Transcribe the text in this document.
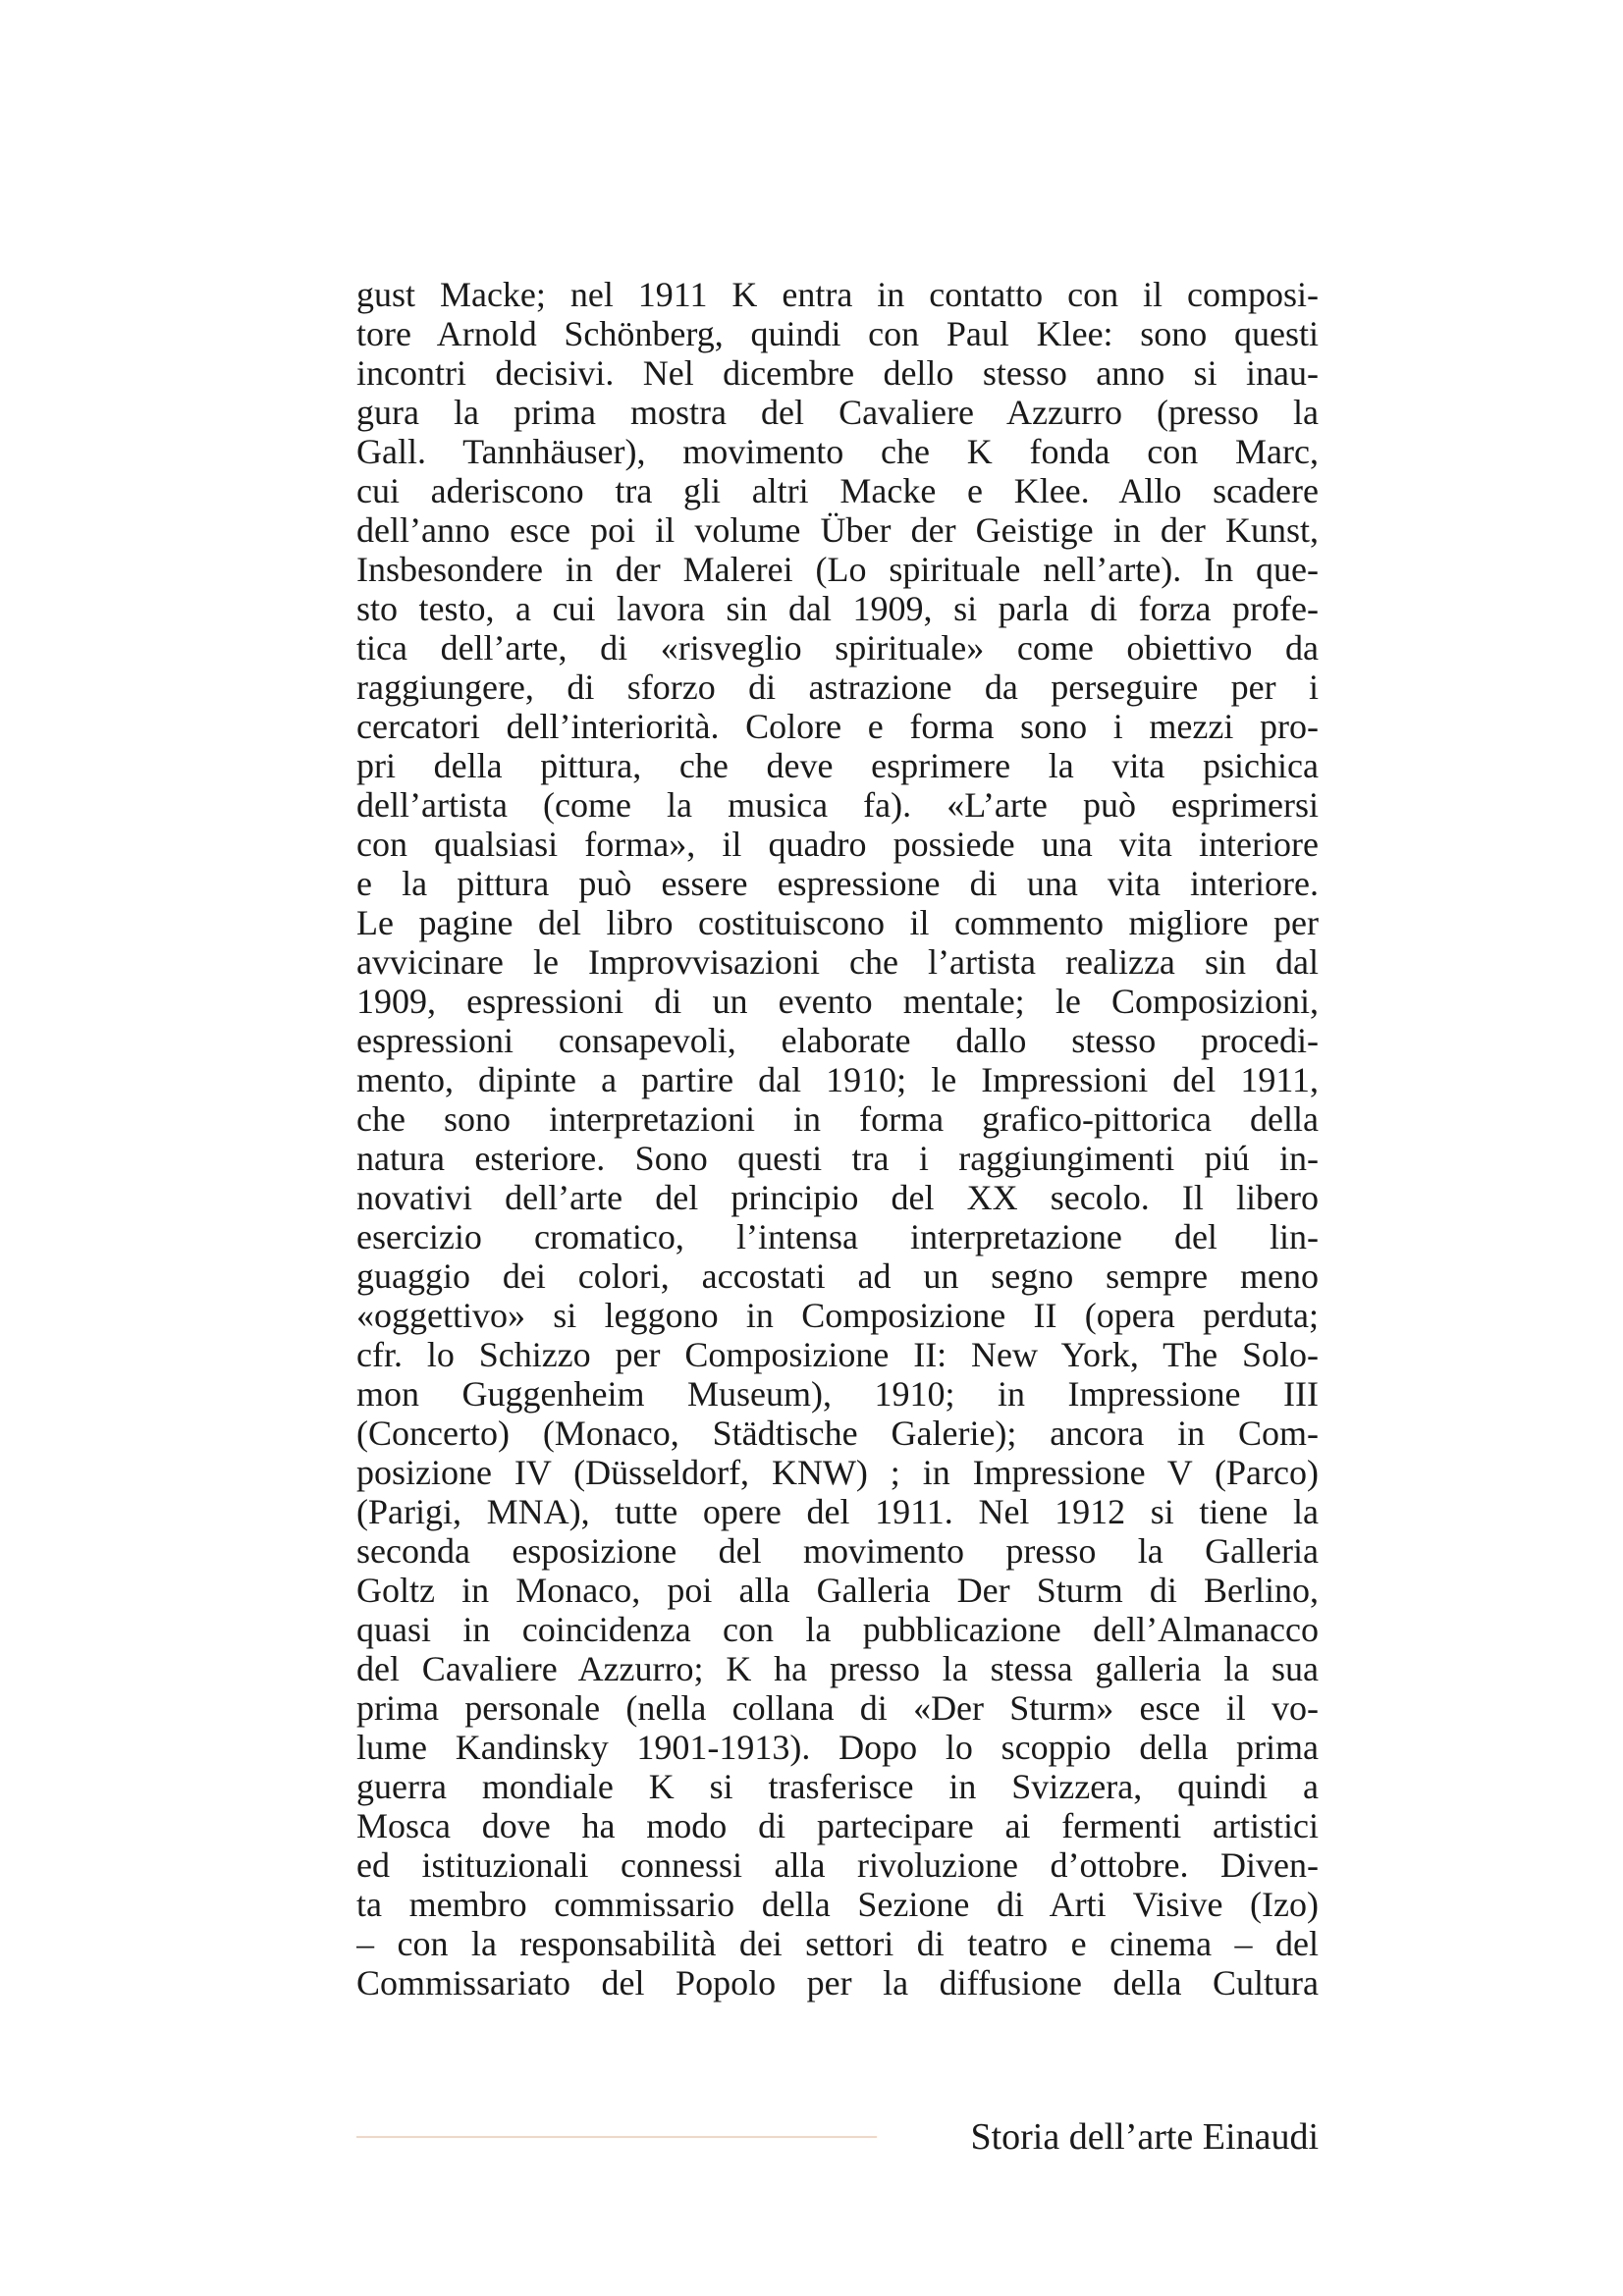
gust Macke; nel 1911 K entra in contatto con il composi-
tore Arnold Schönberg, quindi con Paul Klee: sono questi
incontri decisivi. Nel dicembre dello stesso anno si inau-
gura la prima mostra del Cavaliere Azzurro (presso la
Gall. Tannhäuser), movimento che K fonda con Marc,
cui aderiscono tra gli altri Macke e Klee. Allo scadere
dell’anno esce poi il volume Über der Geistige in der Kunst,
Insbesondere in der Malerei (Lo spirituale nell’arte). In que-
sto testo, a cui lavora sin dal 1909, si parla di forza profe-
tica dell’arte, di «risveglio spirituale» come obiettivo da
raggiungere, di sforzo di astrazione da perseguire per i
cercatori dell’interiorità. Colore e forma sono i mezzi pro-
pri della pittura, che deve esprimere la vita psichica
dell’artista (come la musica fa). «L’arte può esprimersi
con qualsiasi forma», il quadro possiede una vita interiore
e la pittura può essere espressione di una vita interiore.
Le pagine del libro costituiscono il commento migliore per
avvicinare le Improvvisazioni che l’artista realizza sin dal
1909, espressioni di un evento mentale; le Composizioni,
espressioni consapevoli, elaborate dallo stesso procedi-
mento, dipinte a partire dal 1910; le Impressioni del 1911,
che sono interpretazioni in forma grafico-pittorica della
natura esteriore. Sono questi tra i raggiungimenti piú in-
novativi dell’arte del principio del XX secolo. Il libero
esercizio cromatico, l’intensa interpretazione del lin-
guaggio dei colori, accostati ad un segno sempre meno
«oggettivo» si leggono in Composizione II (opera perduta;
cfr. lo Schizzo per Composizione II: New York, The Solo-
mon Guggenheim Museum), 1910; in Impressione III
(Concerto) (Monaco, Städtische Galerie); ancora in Com-
posizione IV (Düsseldorf, KNW) ; in Impressione V (Parco)
(Parigi, MNA), tutte opere del 1911. Nel 1912 si tiene la
seconda esposizione del movimento presso la Galleria
Goltz in Monaco, poi alla Galleria Der Sturm di Berlino,
quasi in coincidenza con la pubblicazione dell’Almanacco
del Cavaliere Azzurro; K ha presso la stessa galleria la sua
prima personale (nella collana di «Der Sturm» esce il vo-
lume Kandinsky 1901-1913). Dopo lo scoppio della prima
guerra mondiale K si trasferisce in Svizzera, quindi a
Mosca dove ha modo di partecipare ai fermenti artistici
ed istituzionali connessi alla rivoluzione d’ottobre. Diven-
ta membro commissario della Sezione di Arti Visive (Izo)
– con la responsabilità dei settori di teatro e cinema – del
Commissariato del Popolo per la diffusione della Cultura
Storia dell’arte Einaudi
